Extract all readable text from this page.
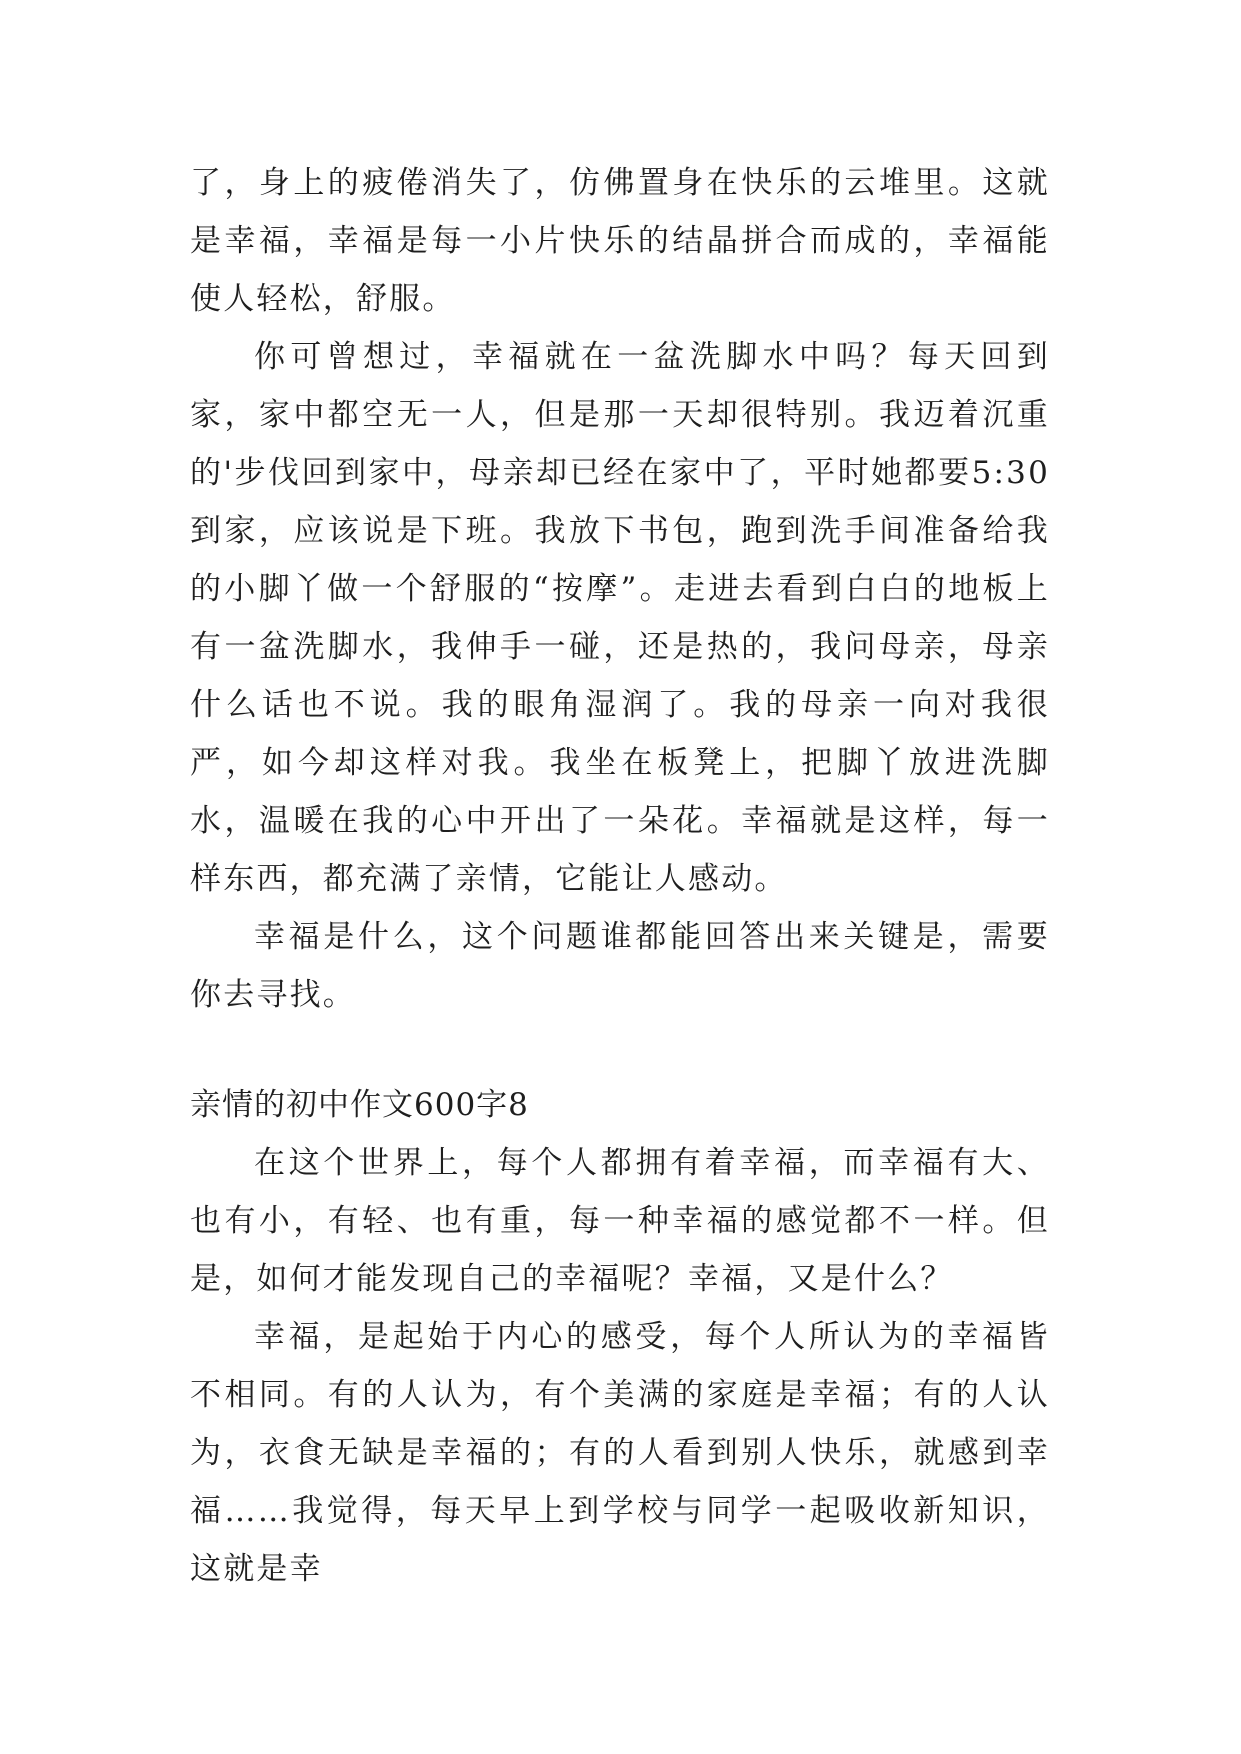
了，身上的疲倦消失了，仿佛置身在快乐的云堆里。这就是幸福，幸福是每一小片快乐的结晶拼合而成的，幸福能使人轻松，舒服。

你可曾想过，幸福就在一盆洗脚水中吗？每天回到家，家中都空无一人，但是那一天却很特别。我迈着沉重的'步伐回到家中，母亲却已经在家中了，平时她都要5:30到家，应该说是下班。我放下书包，跑到洗手间准备给我的小脚丫做一个舒服的“按摩”。走进去看到白白的地板上有一盆洗脚水，我伸手一碰，还是热的，我问母亲，母亲什么话也不说。我的眼角湿润了。我的母亲一向对我很严，如今却这样对我。我坐在板凳上，把脚丫放进洗脚水，温暖在我的心中开出了一朵花。幸福就是这样，每一样东西，都充满了亲情，它能让人感动。

幸福是什么，这个问题谁都能回答出来关键是，需要你去寻找。

亲情的初中作文600字8

在这个世界上，每个人都拥有着幸福，而幸福有大、也有小，有轻、也有重，每一种幸福的感觉都不一样。但是，如何才能发现自己的幸福呢？幸福，又是什么？

幸福，是起始于内心的感受，每个人所认为的幸福皆不相同。有的人认为，有个美满的家庭是幸福；有的人认为，衣食无缺是幸福的；有的人看到别人快乐，就感到幸福……我觉得，每天早上到学校与同学一起吸收新知识，这就是幸
